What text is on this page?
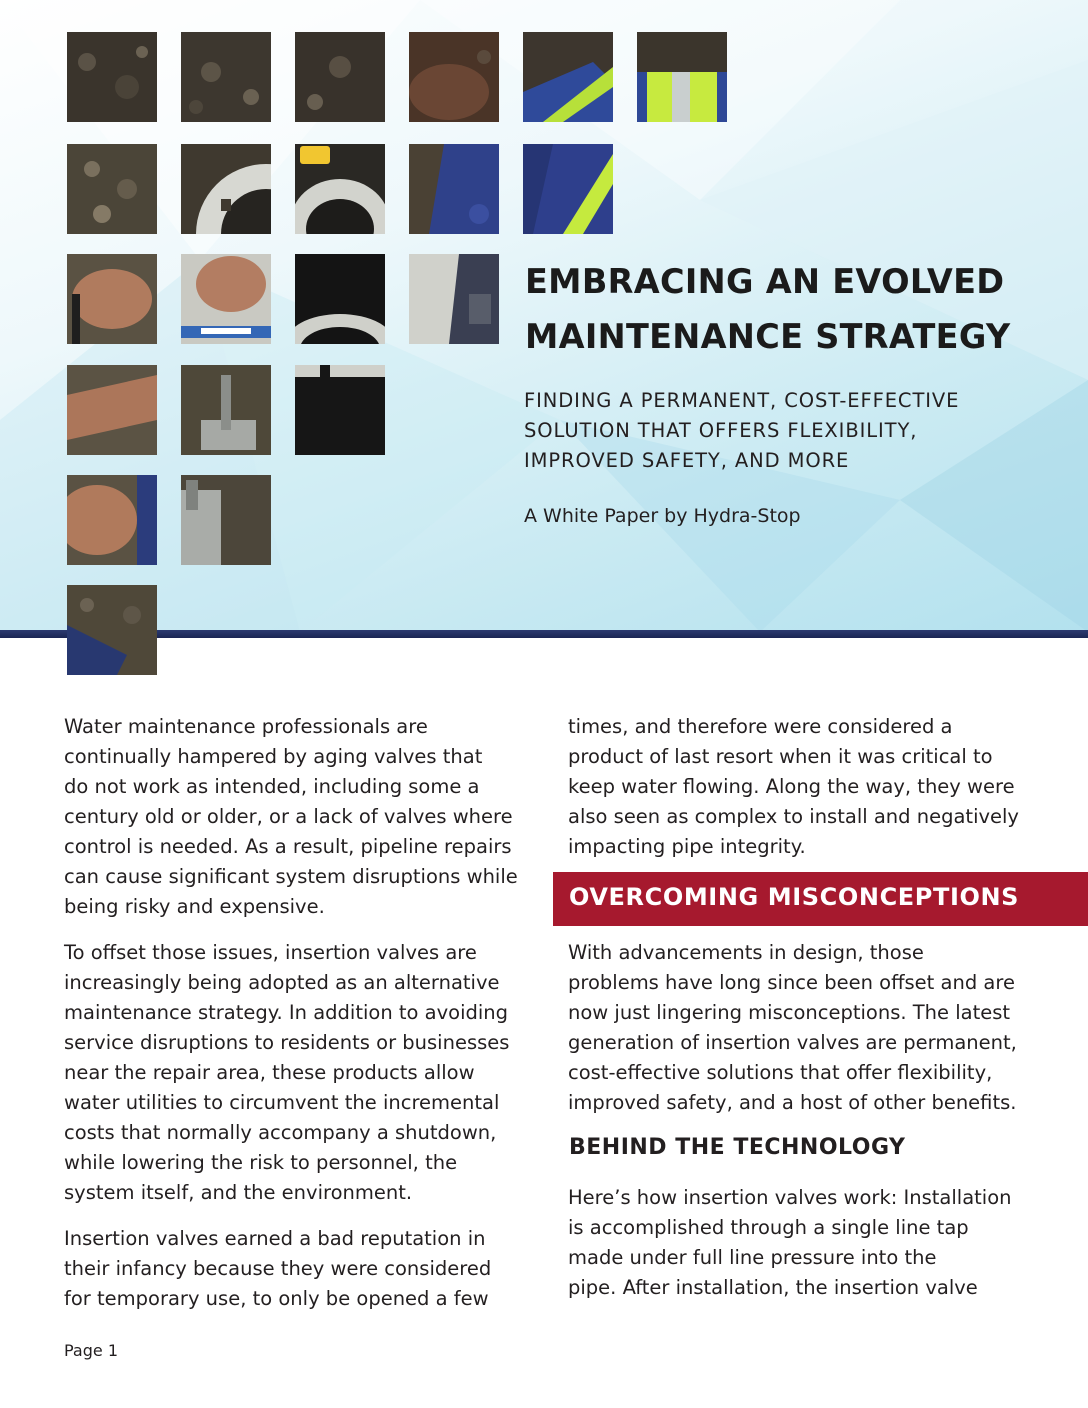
EMBRACING AN EVOLVED
MAINTENANCE STRATEGY
FINDING A PERMANENT, COST-EFFECTIVE
SOLUTION THAT OFFERS FLEXIBILITY,
IMPROVED SAFETY, AND MORE
A White Paper by Hydra-Stop

Water maintenance professionals are
continually hampered by aging valves that
do not work as intended, including some a
century old or older, or a lack of valves where
control is needed. As a result, pipeline repairs
can cause significant system disruptions while
being risky and expensive.

To offset those issues, insertion valves are
increasingly being adopted as an alternative
maintenance strategy. In addition to avoiding
service disruptions to residents or businesses
near the repair area, these products allow
water utilities to circumvent the incremental
costs that normally accompany a shutdown,
while lowering the risk to personnel, the
system itself, and the environment.

Insertion valves earned a bad reputation in
their infancy because they were considered
for temporary use, to only be opened a few

times, and therefore were considered a
product of last resort when it was critical to
keep water flowing. Along the way, they were
also seen as complex to install and negatively
impacting pipe integrity.

OVERCOMING MISCONCEPTIONS

With advancements in design, those
problems have long since been offset and are
now just lingering misconceptions. The latest
generation of insertion valves are permanent,
cost-effective solutions that offer flexibility,
improved safety, and a host of other benefits.

BEHIND THE TECHNOLOGY

Here’s how insertion valves work: Installation
is accomplished through a single line tap
made under full line pressure into the
pipe. After installation, the insertion valve

Page 1
